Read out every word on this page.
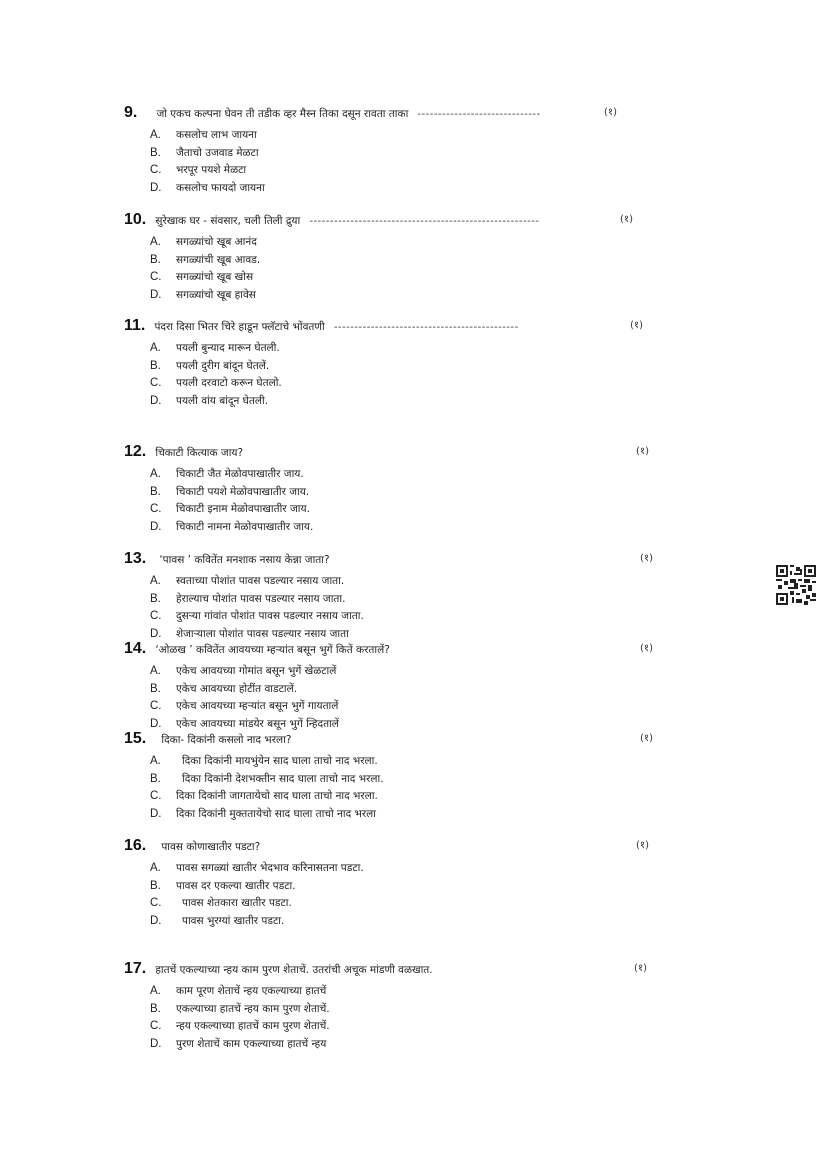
9. जो एकच कल्पना घेवन ती तडीक व्हर मैस्न तिका दसून रावता ताका ------------------------------	(१)
A. कसलोच लाभ जायना
B. जैताचो उजवाड मेळटा
C. भरपूर पयशे मेळटा
D. कसलोच फायदो जायना
10. सुरेखाक घर - संवसार, चली तिली द्रुया --------------------------------------------------------	(१)
A. सगळ्यांचो खूब आनंद
B. सगळ्यांची खूब आवड.
C. सगळ्यांचो खूब खोस
D. सगळ्यांचो खूब हावेस
11. पंदरा दिसा भितर चिरे हाडून फ्लॅटाचे भोंवतणी ---------------------------------------------	(१)
A. पयली बुन्याद मारून घेतली.
B. पयली दुरीग बांदून घेतलें.
C. पयली दरवाटो करून घेतलो.
D. पयली वांय बांदून घेतली.
12. चिकाटी कित्याक जाय?	(१)
A. चिकाटी जैत मेळोवपाखातीर जाय.
B. चिकाटी पयशे मेळोवपाखातीर जाय.
C. चिकाटी इनाम मेळोवपाखातीर जाय.
D. चिकाटी नामना मेळोवपाखातीर जाय.
13. ‘पावस ’ कवितेंत मनशाक नसाय केन्ना जाता?	(१)
A. स्वताच्या पोशांत पावस पडल्यार नसाय जाता.
B. हेराल्याच पोशांत पावस पडल्यार नसाय जाता.
C. दुसऱ्या गांवांत पोशांत पावस पडल्यार नसाय जाता.
D. शेजाऱ्याला पोशांत पावस पडल्यार नसाय जाता
14. ‘ओळख ’ कवितेंत आवयच्या म्हऱ्यांत बसून भुगें कितें करतालें?	(१)
A. एकेच आवयच्या गोमांत बसून भुगें खेळटालें
B. एकेच आवयच्या होटींत वाडटालें.
C. एकेच आवयच्या म्हऱ्यांत बसून भुगें गायतालें
D. एकेच आवयच्या मांडयेर बसून भुगें न्हिदतालें
15. दिका- दिकांनी कसलो नाद भरला?	(१)
A. दिका दिकांनी मायभुंयेन साद घाला ताचो नाद भरला.
B. दिका दिकांनी देशभक्तीन साद घाला ताचो नाद भरला.
C. दिका दिकांनी जागतायेचो साद घाला ताचो नाद भरला.
D. दिका दिकांनी मुक्ततायेचो साद घाला ताचो नाद भरला
16. पावस कोणाखातीर पडटा?	(१)
A. पावस सगळ्यां खातीर भेदभाव करिनासतना पडटा.
B. पावस दर एकल्या खातीर पडटा.
C. पावस शेतकारा खातीर पडटा.
D. पावस भुरग्यां खातीर पडटा.
17. हातचें एकल्याच्या न्हय काम पुरण शेताचें. उतरांची अचूक मांडणी वळखात.	(१)
A. काम पूरण शेताचें न्हय एकल्याच्या हातचें
B. एकल्याच्या हातचें न्हय काम पुरण शेताचें.
C. न्हय एकल्याच्या हातचें काम पुरण शेताचें.
D. पुरण शेताचें काम एकल्याच्या हातचें न्हय
